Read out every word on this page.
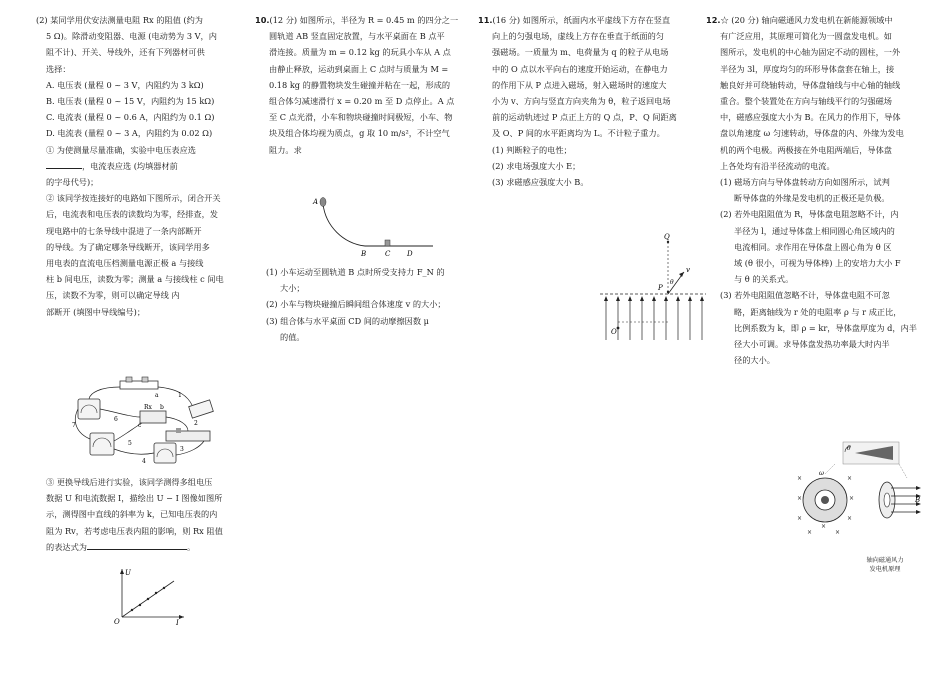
(2) 某同学用伏安法测量电阻 Rx 的阻值 (约为

5 Ω)。除滑动变阻器、电源 (电动势为 3 V，内

阻不计)、开关、导线外，还有下列器材可供

选择：

A. 电压表 (量程 0 ~ 3 V，内阻约为 3 kΩ)

B. 电压表 (量程 0 ~ 15 V，内阻约为 15 kΩ)

C. 电流表 (量程 0 ~ 0.6 A，内阻约为 0.1 Ω)

D. 电流表 (量程 0 ~ 3 A，内阻约为 0.02 Ω)

① 为使测量尽量准确，实验中电压表应选

，电流表应选 (均填器材前

的字母代号)；

② 该同学按连接好的电路如下图所示，闭合开关

后，电流表和电压表的读数均为零，经排查，发

现电路中的七条导线中混进了一条内部断开

的导线。为了确定哪条导线断开，该同学用多

用电表的直流电压档测量电源正极 a 与接线

柱 b 间电压，读数为零；测量 a 与接线柱 c 间电

压，读数不为零，则可以确定导线 内

部断开 (填图中导线编号)；

a
Rx b
c
1
2
3
4
5
6
7

③ 更换导线后进行实验，该同学测得多组电压

数据 U 和电流数据 I，描绘出 U − I 图像如图所

示，测得图中直线的斜率为 k，已知电压表的内

阻为 Rv，若考虑电压表内阻的影响，则 Rx 阻值

的表达式为	。

U
I
O

10.(12 分) 如图所示，半径为 R = 0.45 m 的四分之一

圆轨道 AB 竖直固定放置，与水平桌面在 B 点平

滑连接。质量为 m = 0.12 kg 的玩具小车从 A 点

由静止释放，运动到桌面上 C 点时与质量为 M =

0.18 kg 的静置物块发生碰撞并粘在一起，形成的

组合体匀减速滑行 x = 0.20 m 至 D 点停止。A 点

至 C 点光滑，小车和物块碰撞时间极短，小车、物

块及组合体均视为质点，g 取 10 m/s²，不计空气

阻力。求

A
B	C D

(1) 小车运动至圆轨道 B 点时所受支持力 F_N 的

大小；

(2) 小车与物块碰撞后瞬间组合体速度 v 的大小；

(3) 组合体与水平桌面 CD 间的动摩擦因数 μ

的值。

11.(16 分) 如图所示，纸面内水平虚线下方存在竖直

向上的匀强电场，虚线上方存在垂直于纸面的匀

强磁场。一质量为 m、电荷量为 q 的粒子从电场

中的 O 点以水平向右的速度开始运动，在静电力

的作用下从 P 点进入磁场，射入磁场时的速度大

小为 v、方向与竖直方向夹角为 θ，粒子返回电场

前的运动轨迹过 P 点正上方的 Q 点，P、Q 间距离

及 O、P 间的水平距离均为 L。不计粒子重力。

(1) 判断粒子的电性；

(2) 求电场强度大小 E；

(3) 求磁感应强度大小 B。

Q
P
v
θ
O

12.☆ (20 分) 轴向磁通风力发电机在新能源领域中

有广泛应用，其原理可简化为一圆盘发电机。如

图所示，发电机的中心轴为固定不动的圆柱，一外

半径为 3l，厚度均匀的环形导体盘套在轴上，接

触良好并可绕轴转动，导体盘轴线与中心轴的轴线

重合。整个装置处在方向与轴线平行的匀强磁场

中，磁感应强度大小为 B。在风力的作用下，导体

盘以角速度 ω 匀速转动，导体盘的内、外缘为发电

机的两个电极。两极接在外电阻两端后，导体盘

上各处均有沿半径流动的电流。

(1) 磁场方向与导体盘转动方向如图所示，试判

断导体盘的外缘是发电机的正极还是负极。

(2) 若外电阻阻值为 R，导体盘电阻忽略不计，内

半径为 l，通过导体盘上相同圆心角区域内的

电流相同。求作用在导体盘上圆心角为 θ 区

域 (θ 很小，可视为导体棒) 上的安培力大小 F

与 θ 的关系式。

(3) 若外电阻阻值忽略不计，导体盘电阻不可忽

略，距离轴线为 r 处的电阻率 ρ 与 r 成正比，

比例系数为 k，即 ρ = kr，导体盘厚度为 d，内半

径大小可调。求导体盘发热功率最大时内半

径的大小。

θ
×
×
×
×
×
×
×
×	×
ω
B
轴向磁通风力
发电机原理
